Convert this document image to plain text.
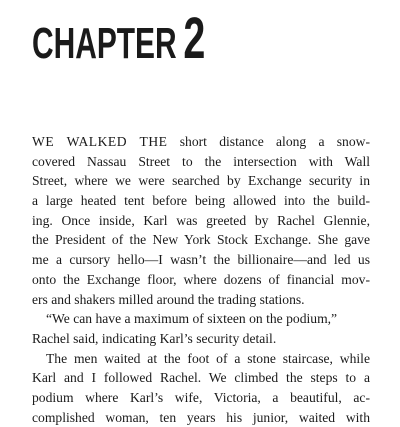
CHAPTER 2
WE WALKED THE short distance along a snow-
covered Nassau Street to the intersection with Wall
Street, where we were searched by Exchange security in
a large heated tent before being allowed into the build-
ing. Once inside, Karl was greeted by Rachel Glennie,
the President of the New York Stock Exchange. She gave
me a cursory hello—I wasn’t the billionaire—and led us
onto the Exchange floor, where dozens of financial mov-
ers and shakers milled around the trading stations.
“We can have a maximum of sixteen on the podium,”
Rachel said, indicating Karl’s security detail.
The men waited at the foot of a stone staircase, while
Karl and I followed Rachel. We climbed the steps to a
podium where Karl’s wife, Victoria, a beautiful, ac-
complished woman, ten years his junior, waited with
